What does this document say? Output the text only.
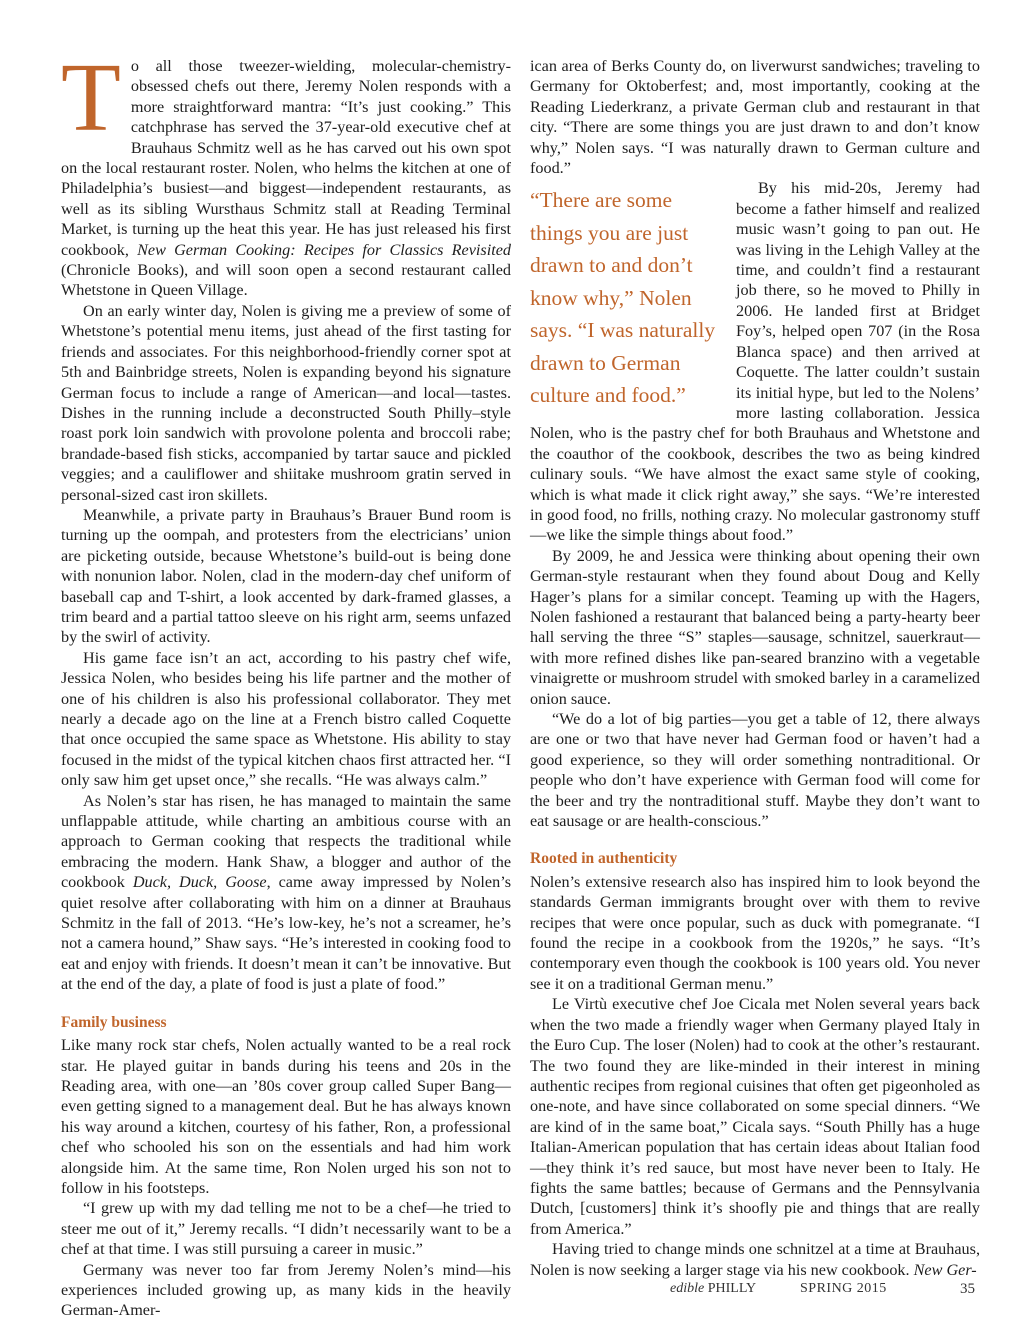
To all those tweezer-wielding, molecular-chemistry-obsessed chefs out there, Jeremy Nolen responds with a more straightforward mantra: “It’s just cooking.” This catchphrase has served the 37-year-old executive chef at Brauhaus Schmitz well as he has carved out his own spot on the local restaurant roster. Nolen, who helms the kitchen at one of Philadelphia’s busiest—and biggest—independent restaurants, as well as its sibling Wursthaus Schmitz stall at Reading Terminal Market, is turning up the heat this year. He has just released his first cookbook, New German Cooking: Recipes for Classics Revisited (Chronicle Books), and will soon open a second restaurant called Whetstone in Queen Village.

On an early winter day, Nolen is giving me a preview of some of Whetstone’s potential menu items, just ahead of the first tasting for friends and associates. For this neighborhood-friendly corner spot at 5th and Bainbridge streets, Nolen is expanding beyond his signature German focus to include a range of American—and local—tastes. Dishes in the running include a deconstructed South Philly–style roast pork loin sandwich with provolone polenta and broccoli rabe; brandade-based fish sticks, accompanied by tartar sauce and pickled veggies; and a cauliflower and shiitake mushroom gratin served in personal-sized cast iron skillets.

Meanwhile, a private party in Brauhaus’s Brauer Bund room is turning up the oompah, and protesters from the electricians’ union are picketing outside, because Whetstone’s build-out is being done with nonunion labor. Nolen, clad in the modern-day chef uniform of baseball cap and T-shirt, a look accented by dark-framed glasses, a trim beard and a partial tattoo sleeve on his right arm, seems unfazed by the swirl of activity.

His game face isn’t an act, according to his pastry chef wife, Jessica Nolen, who besides being his life partner and the mother of one of his children is also his professional collaborator. They met nearly a decade ago on the line at a French bistro called Coquette that once occupied the same space as Whetstone. His ability to stay focused in the midst of the typical kitchen chaos first attracted her. “I only saw him get upset once,” she recalls. “He was always calm.”

As Nolen’s star has risen, he has managed to maintain the same unflappable attitude, while charting an ambitious course with an approach to German cooking that respects the traditional while embracing the modern. Hank Shaw, a blogger and author of the cookbook Duck, Duck, Goose, came away impressed by Nolen’s quiet resolve after collaborating with him on a dinner at Brauhaus Schmitz in the fall of 2013. “He’s low-key, he’s not a screamer, he’s not a camera hound,” Shaw says. “He’s interested in cooking food to eat and enjoy with friends. It doesn’t mean it can’t be innovative. But at the end of the day, a plate of food is just a plate of food.”

Family business

Like many rock star chefs, Nolen actually wanted to be a real rock star. He played guitar in bands during his teens and 20s in the Reading area, with one—an ’80s cover group called Super Bang—even getting signed to a management deal. But he has always known his way around a kitchen, courtesy of his father, Ron, a professional chef who schooled his son on the essentials and had him work alongside him. At the same time, Ron Nolen urged his son not to follow in his footsteps.

“I grew up with my dad telling me not to be a chef—he tried to steer me out of it,” Jeremy recalls. “I didn’t necessarily want to be a chef at that time. I was still pursuing a career in music.”

Germany was never too far from Jeremy Nolen’s mind—his experiences included growing up, as many kids in the heavily German-Amer-

ican area of Berks County do, on liverwurst sandwiches; traveling to Germany for Oktoberfest; and, most importantly, cooking at the Reading Liederkranz, a private German club and restaurant in that city. “There are some things you are just drawn to and don’t know why,” Nolen says. “I was naturally drawn to German culture and food.”

“There are some things you are just drawn to and don’t know why,” Nolen says. “I was naturally drawn to German culture and food.”

By his mid-20s, Jeremy had become a father himself and realized music wasn’t going to pan out. He was living in the Lehigh Valley at the time, and couldn’t find a restaurant job there, so he moved to Philly in 2006. He landed first at Bridget Foy’s, helped open 707 (in the Rosa Blanca space) and then arrived at Coquette. The latter couldn’t sustain its initial hype, but led to the Nolens’ more lasting collaboration. Jessica Nolen, who is the pastry chef for both Brauhaus and Whetstone and the coauthor of the cookbook, describes the two as being kindred culinary souls. “We have almost the exact same style of cooking, which is what made it click right away,” she says. “We’re interested in good food, no frills, nothing crazy. No molecular gastronomy stuff—we like the simple things about food.”

By 2009, he and Jessica were thinking about opening their own German-style restaurant when they found about Doug and Kelly Hager’s plans for a similar concept. Teaming up with the Hagers, Nolen fashioned a restaurant that balanced being a party-hearty beer hall serving the three “S” staples—sausage, schnitzel, sauerkraut—with more refined dishes like pan-seared branzino with a vegetable vinaigrette or mushroom strudel with smoked barley in a caramelized onion sauce.

“We do a lot of big parties—you get a table of 12, there always are one or two that have never had German food or haven’t had a good experience, so they will order something nontraditional. Or people who don’t have experience with German food will come for the beer and try the nontraditional stuff. Maybe they don’t want to eat sausage or are health-conscious.”

Rooted in authenticity

Nolen’s extensive research also has inspired him to look beyond the standards German immigrants brought over with them to revive recipes that were once popular, such as duck with pomegranate. “I found the recipe in a cookbook from the 1920s,” he says. “It’s contemporary even though the cookbook is 100 years old. You never see it on a traditional German menu.”

Le Virtù executive chef Joe Cicala met Nolen several years back when the two made a friendly wager when Germany played Italy in the Euro Cup. The loser (Nolen) had to cook at the other’s restaurant. The two found they are like-minded in their interest in mining authentic recipes from regional cuisines that often get pigeonholed as one-note, and have since collaborated on some special dinners. “We are kind of in the same boat,” Cicala says. “South Philly has a huge Italian-American population that has certain ideas about Italian food—they think it’s red sauce, but most have never been to Italy. He fights the same battles; because of Germans and the Pennsylvania Dutch, [customers] think it’s shoofly pie and things that are really from America.”

Having tried to change minds one schnitzel at a time at Brauhaus, Nolen is now seeking a larger stage via his new cookbook. New Ger-

edible PHILLY	SPRING 2015	35
